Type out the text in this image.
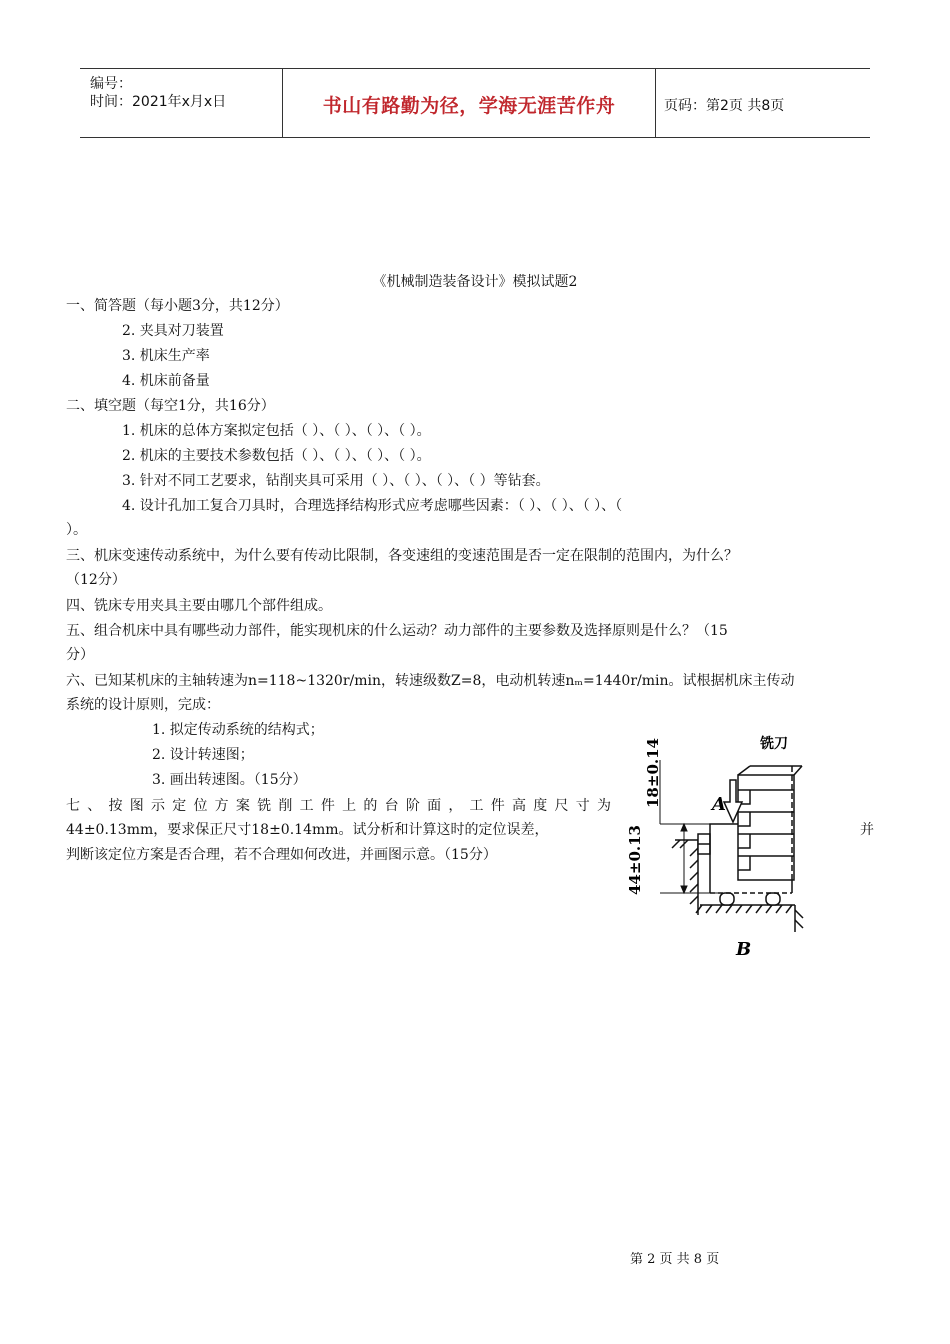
编号：
时间：2021年x月x日	书山有路勤为径，学海无涯苦作舟	页码：第2页 共8页
《机械制造装备设计》模拟试题2
一、简答题（每小题3分，共12分）
2. 夹具对刀装置
3. 机床生产率
4. 机床前备量
二、填空题（每空1分，共16分）
1. 机床的总体方案拟定包括（ ）、（ ）、（ ）、（ ）。
2. 机床的主要技术参数包括（ ）、（ ）、（ ）、（ ）。
3. 针对不同工艺要求，钻削夹具可采用（ ）、（ ）、（ ）、（ ）等钻套。
4. 设计孔加工复合刀具时，合理选择结构形式应考虑哪些因素：（ ）、（ ）、（ ）、（
）。
三、机床变速传动系统中，为什么要有传动比限制，各变速组的变速范围是否一定在限制的范围内，为什么？
（12分）
四、铣床专用夹具主要由哪几个部件组成。
五、组合机床中具有哪些动力部件，能实现机床的什么运动？动力部件的主要参数及选择原则是什么？（15
分）
六、已知某机床的主轴转速为n=118~1320r/min，转速级数Z=8，电动机转速nₘ=1440r/min。试根据机床主传动
系统的设计原则，完成：
1. 拟定传动系统的结构式；
2. 设计转速图；
3. 画出转速图。（15分）
七、按图示定位方案铣削工件上的台阶面，工件高度尺寸为
44±0.13mm，要求保正尺寸18±0.14mm。试分析和计算这时的定位误差，	并
判断该定位方案是否合理，若不合理如何改进，并画图示意。（15分）
铣刀
A
B
18±0.14
44±0.13
第 2 页 共 8 页
